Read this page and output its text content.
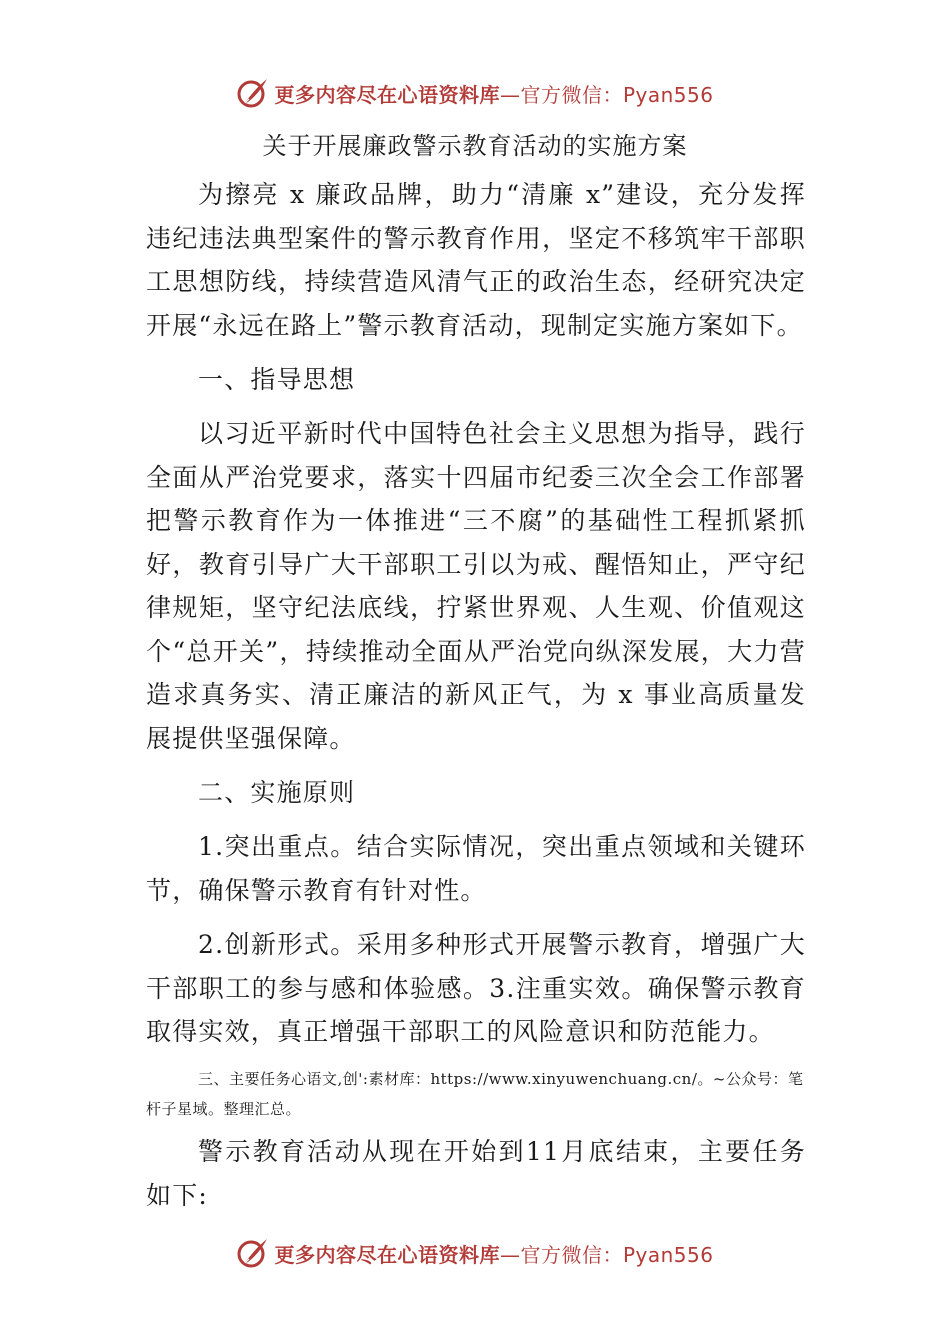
更多内容尽在心语资料库—官方微信：Pyan556
关于开展廉政警示教育活动的实施方案

为擦亮 x 廉政品牌，助力“清廉 x”建设，充分发挥违纪违法典型案件的警示教育作用，坚定不移筑牢干部职工思想防线，持续营造风清气正的政治生态，经研究决定开展“永远在路上”警示教育活动，现制定实施方案如下。

一、指导思想

以习近平新时代中国特色社会主义思想为指导，践行全面从严治党要求，落实十四届市纪委三次全会工作部署把警示教育作为一体推进“三不腐”的基础性工程抓紧抓好，教育引导广大干部职工引以为戒、醒悟知止，严守纪律规矩，坚守纪法底线，拧紧世界观、人生观、价值观这个“总开关”，持续推动全面从严治党向纵深发展，大力营造求真务实、清正廉洁的新风正气，为 x 事业高质量发展提供坚强保障。

二、实施原则

1.突出重点。结合实际情况，突出重点领域和关键环节，确保警示教育有针对性。

2.创新形式。采用多种形式开展警示教育，增强广大干部职工的参与感和体验感。3.注重实效。确保警示教育取得实效，真正增强干部职工的风险意识和防范能力。

三、主要任务心语文,创':素材库：https://www.xinyuwenchuang.cn/。~公众号：笔杆子星域。整理汇总。

警示教育活动从现在开始到11月底结束，主要任务如下:

更多内容尽在心语资料库—官方微信：Pyan556
